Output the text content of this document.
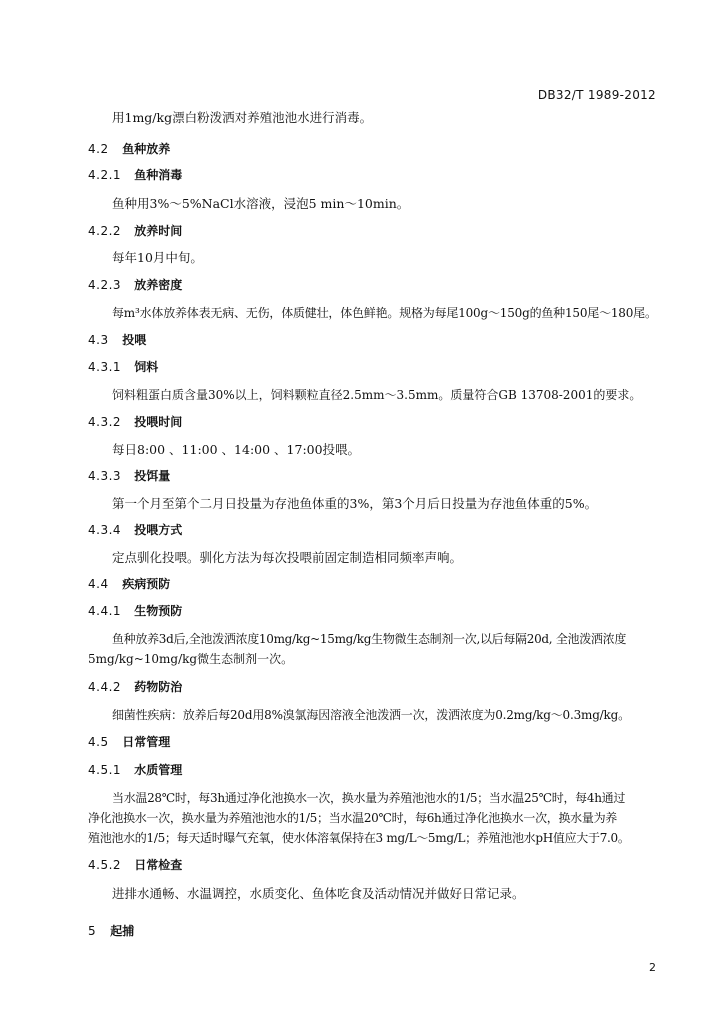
DB32/T 1989-2012
用1mg/kg漂白粉泼洒对养殖池池水进行消毒。
4.2 鱼种放养
4.2.1 鱼种消毒
鱼种用3%～5%NaCl水溶液，浸泡5 min～10min。
4.2.2 放养时间
每年10月中旬。
4.2.3 放养密度
每m³水体放养体表无病、无伤，体质健壮，体色鲜艳。规格为每尾100g～150g的鱼种150尾～180尾。
4.3 投喂
4.3.1 饲料
饲料粗蛋白质含量30%以上，饲料颗粒直径2.5mm～3.5mm。质量符合GB 13708-2001的要求。
4.3.2 投喂时间
每日8:00 、11:00 、14:00 、17:00投喂。
4.3.3 投饵量
第一个月至第个二月日投量为存池鱼体重的3%，第3个月后日投量为存池鱼体重的5%。
4.3.4 投喂方式
定点驯化投喂。驯化方法为每次投喂前固定制造相同频率声响。
4.4 疾病预防
4.4.1 生物预防
鱼种放养3d后,全池泼洒浓度10mg/kg~15mg/kg生物微生态制剂一次,以后每隔20d, 全池泼洒浓度
5mg/kg~10mg/kg微生态制剂一次。
4.4.2 药物防治
细菌性疾病：放养后每20d用8%溴氯海因溶液全池泼洒一次，泼洒浓度为0.2mg/kg～0.3mg/kg。
4.5 日常管理
4.5.1 水质管理
当水温28℃时，每3h通过净化池换水一次，换水量为养殖池池水的1/5；当水温25℃时，每4h通过
净化池换水一次，换水量为养殖池池水的1/5；当水温20℃时，每6h通过净化池换水一次，换水量为养
殖池池水的1/5；每天适时曝气充氧，使水体溶氧保持在3 mg/L～5mg/L；养殖池池水pH值应大于7.0。
4.5.2 日常检查
进排水通畅、水温调控，水质变化、鱼体吃食及活动情况并做好日常记录。
5 起捕
2
